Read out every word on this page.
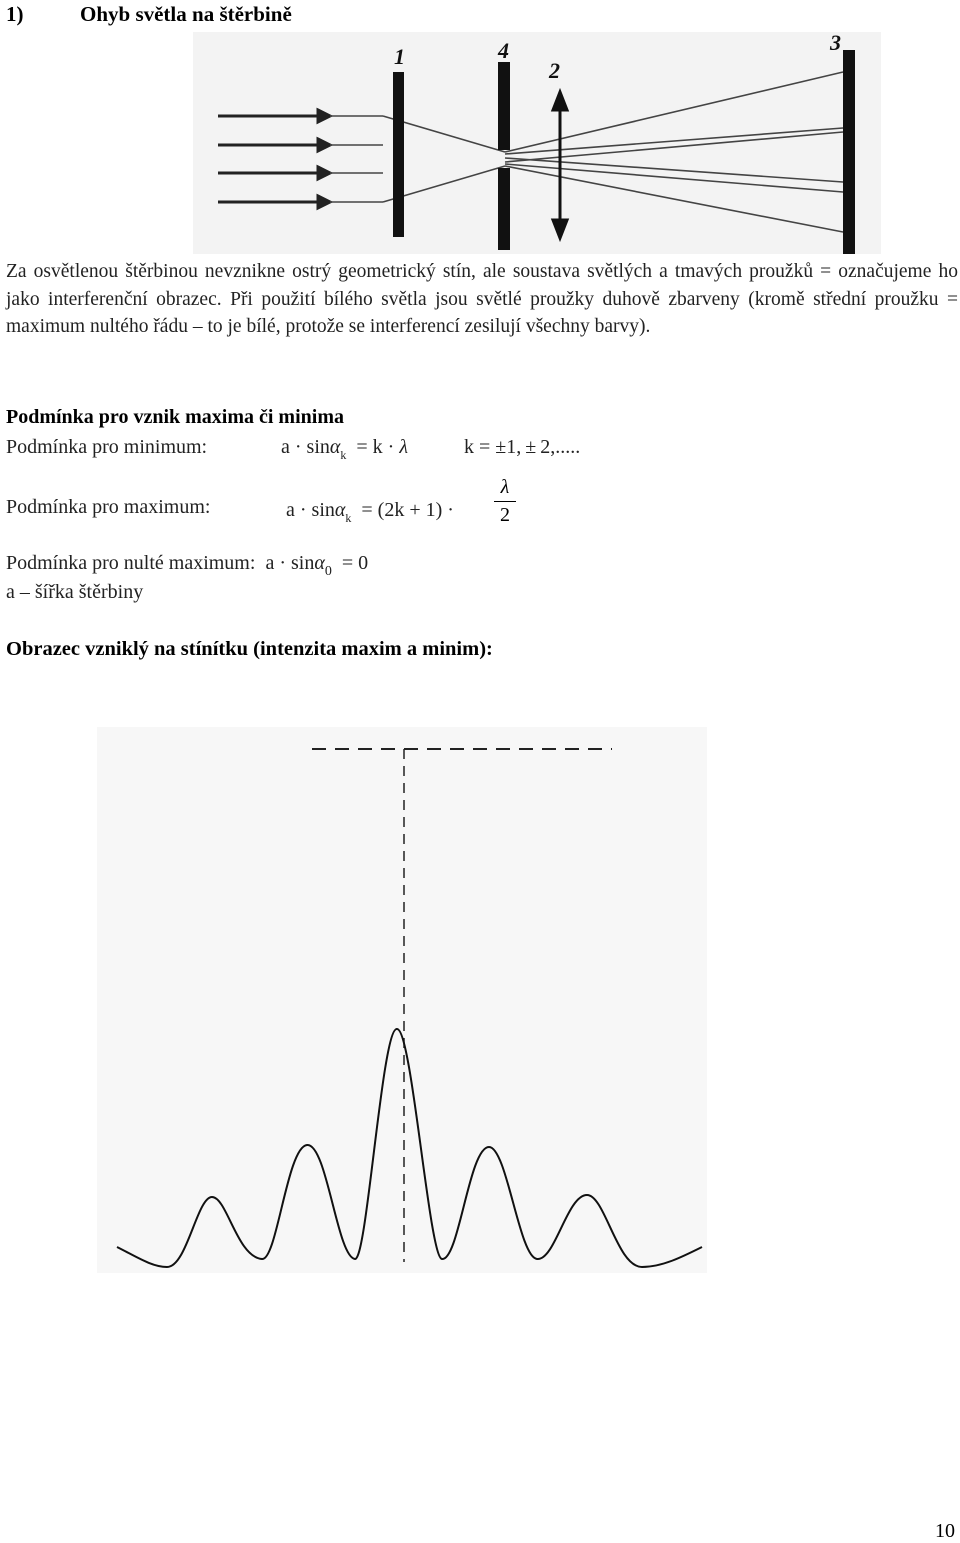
1)	Ohyb světla na štěrbině
1	4
2
3
Za osvětlenou štěrbinou nevznikne ostrý geometrický stín, ale soustava světlých a tmavých proužků = označujeme ho jako interferenční obrazec. Při použití bílého světla jsou světlé proužky duhově zbarveny (kromě střední proužku = maximum nultého řádu – to je bílé, protože se interferencí zesilují všechny barvy).
Podmínka pro vznik maxima či minima
Podmínka pro minimum:	a · sinα$_k$  = k · λ	k = ±1, ± 2,.....
Podmínka pro maximum:	a · sinα$_k$  = (2k + 1) ·
λ
2
Podmínka pro nulté maximum:  a · sinα$_0$  = 0
a – šířka štěrbiny
Obrazec vzniklý na stínítku (intenzita maxim a minim):
10
